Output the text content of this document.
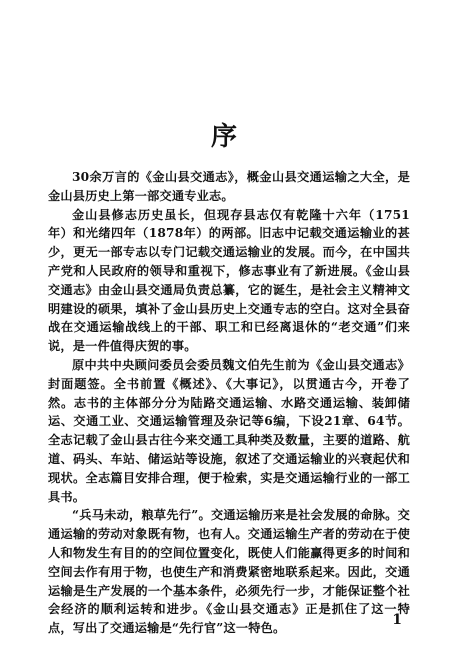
序

30余万言的《金山县交通志》，概金山县交通运输之大全，是金山县历史上第一部交通专业志。

金山县修志历史虽长，但现存县志仅有乾隆十六年（1751年）和光绪四年（1878年）的两部。旧志中记载交通运输业的甚少，更无一部专志以专门记载交通运输业的发展。而今，在中国共产党和人民政府的领导和重视下，修志事业有了新进展。《金山县交通志》由金山县交通局负责总纂，它的诞生，是社会主义精神文明建设的硕果，填补了金山县历史上交通专志的空白。这对全县奋战在交通运输战线上的干部、职工和已经离退休的“老交通”们来说，是一件值得庆贺的事。

原中共中央顾问委员会委员魏文伯先生前为《金山县交通志》封面题签。全书前置《概述》、《大事记》，以贯通古今，开卷了然。志书的主体部分分为陆路交通运输、水路交通运输、装卸储运、交通工业、交通运输管理及杂记等6编，下设21章、64节。全志记载了金山县古往今来交通工具种类及数量，主要的道路、航道、码头、车站、储运站等设施，叙述了交通运输业的兴衰起伏和现状。全志篇目安排合理，便于检索，实是交通运输行业的一部工具书。

“兵马未动，粮草先行”。交通运输历来是社会发展的命脉。交通运输的劳动对象既有物，也有人。交通运输生产者的劳动在于使人和物发生有目的的空间位置变化，既使人们能赢得更多的时间和空间去作有用于物，也使生产和消费紧密地联系起来。因此，交通运输是生产发展的一个基本条件，必须先行一步，才能保证整个社会经济的顺利运转和进步。《金山县交通志》正是抓住了这一特点，写出了交通运输是“先行官”这一特色。

1
